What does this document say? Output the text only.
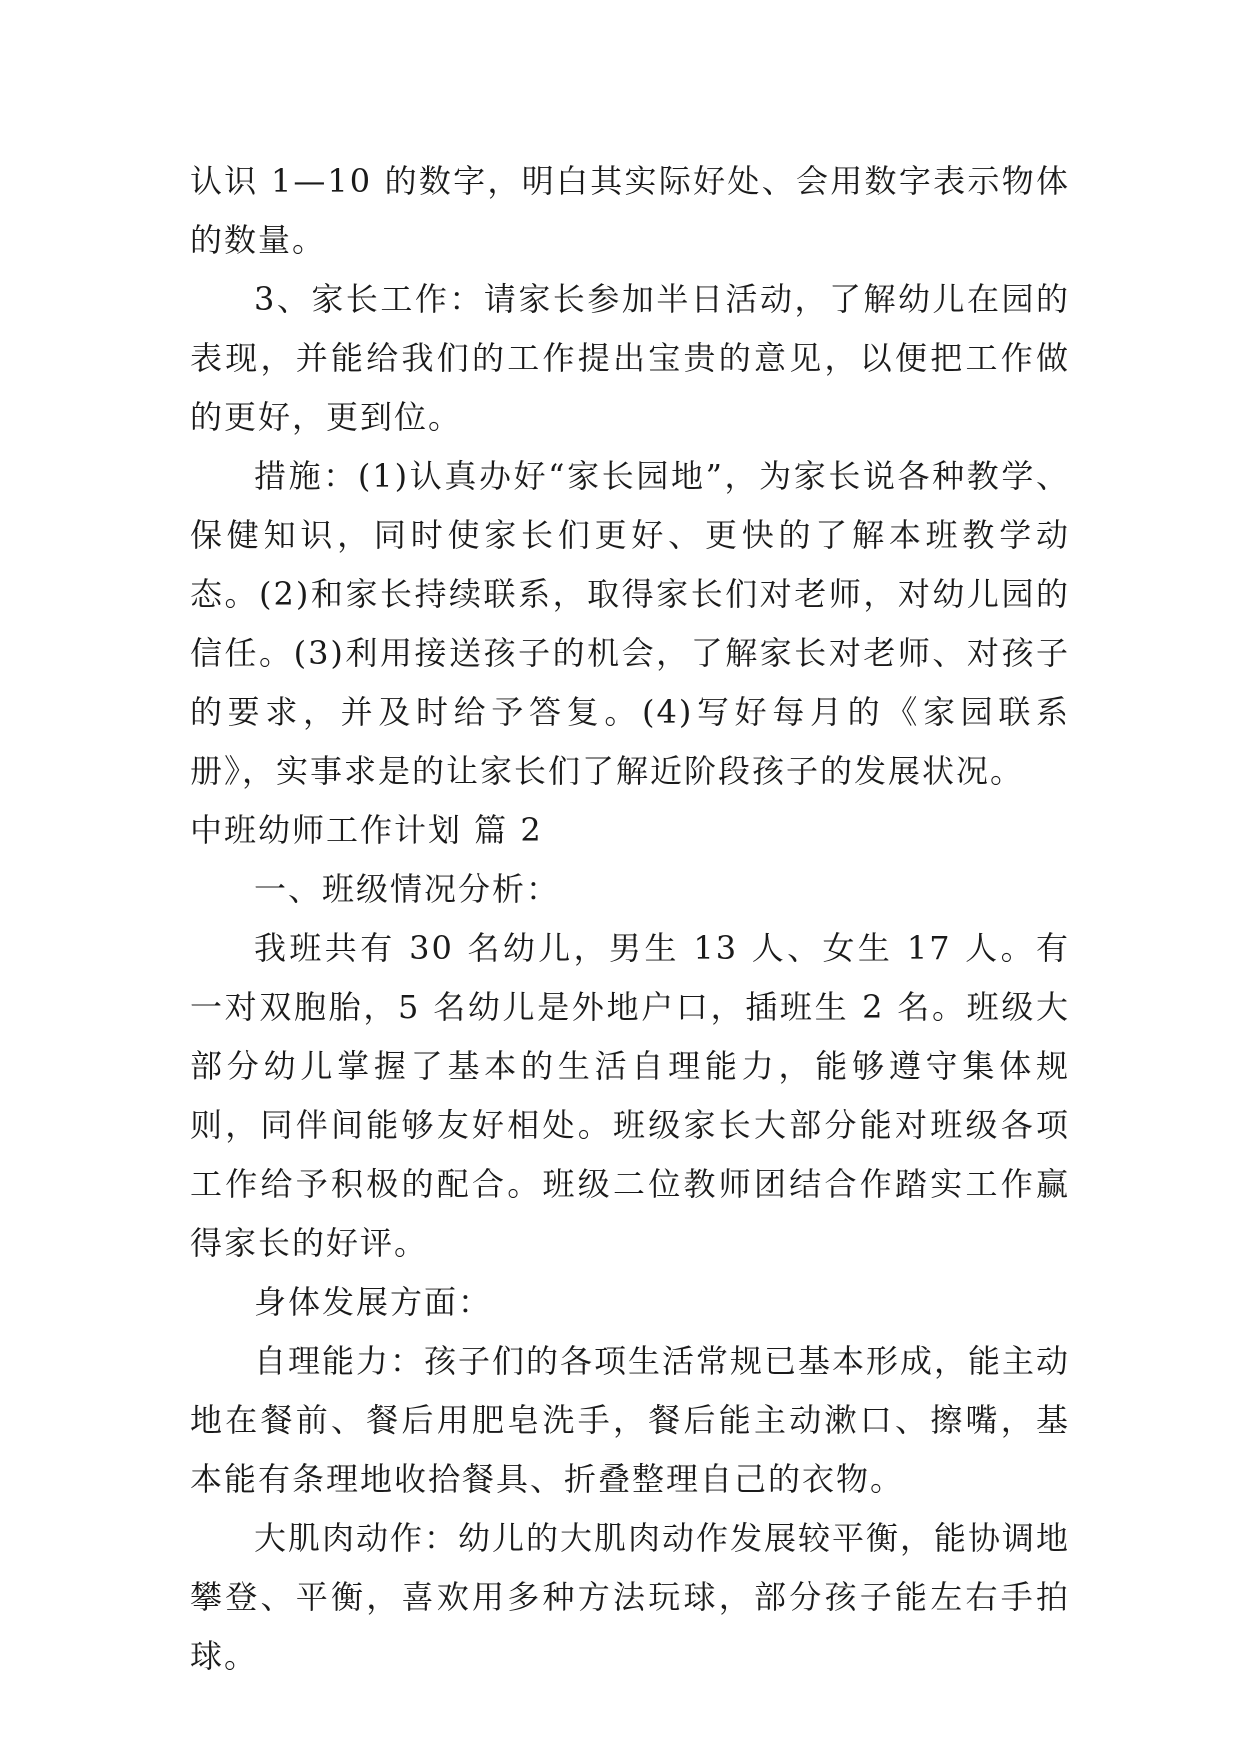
认识 1—10 的数字，明白其实际好处、会用数字表示物体的数量。

3、家长工作：请家长参加半日活动，了解幼儿在园的表现，并能给我们的工作提出宝贵的意见，以便把工作做的更好，更到位。

措施：(1)认真办好“家长园地”，为家长说各种教学、保健知识，同时使家长们更好、更快的了解本班教学动态。(2)和家长持续联系，取得家长们对老师，对幼儿园的信任。(3)利用接送孩子的机会，了解家长对老师、对孩子的要求，并及时给予答复。(4)写好每月的《家园联系册》，实事求是的让家长们了解近阶段孩子的发展状况。

中班幼师工作计划 篇 2

一、班级情况分析：

我班共有 30 名幼儿，男生 13 人、女生 17 人。有一对双胞胎，5 名幼儿是外地户口，插班生 2 名。班级大部分幼儿掌握了基本的生活自理能力，能够遵守集体规则，同伴间能够友好相处。班级家长大部分能对班级各项工作给予积极的配合。班级二位教师团结合作踏实工作赢得家长的好评。

身体发展方面：

自理能力：孩子们的各项生活常规已基本形成，能主动地在餐前、餐后用肥皂洗手，餐后能主动漱口、擦嘴，基本能有条理地收拾餐具、折叠整理自己的衣物。

大肌肉动作：幼儿的大肌肉动作发展较平衡，能协调地攀登、平衡，喜欢用多种方法玩球，部分孩子能左右手拍球。
